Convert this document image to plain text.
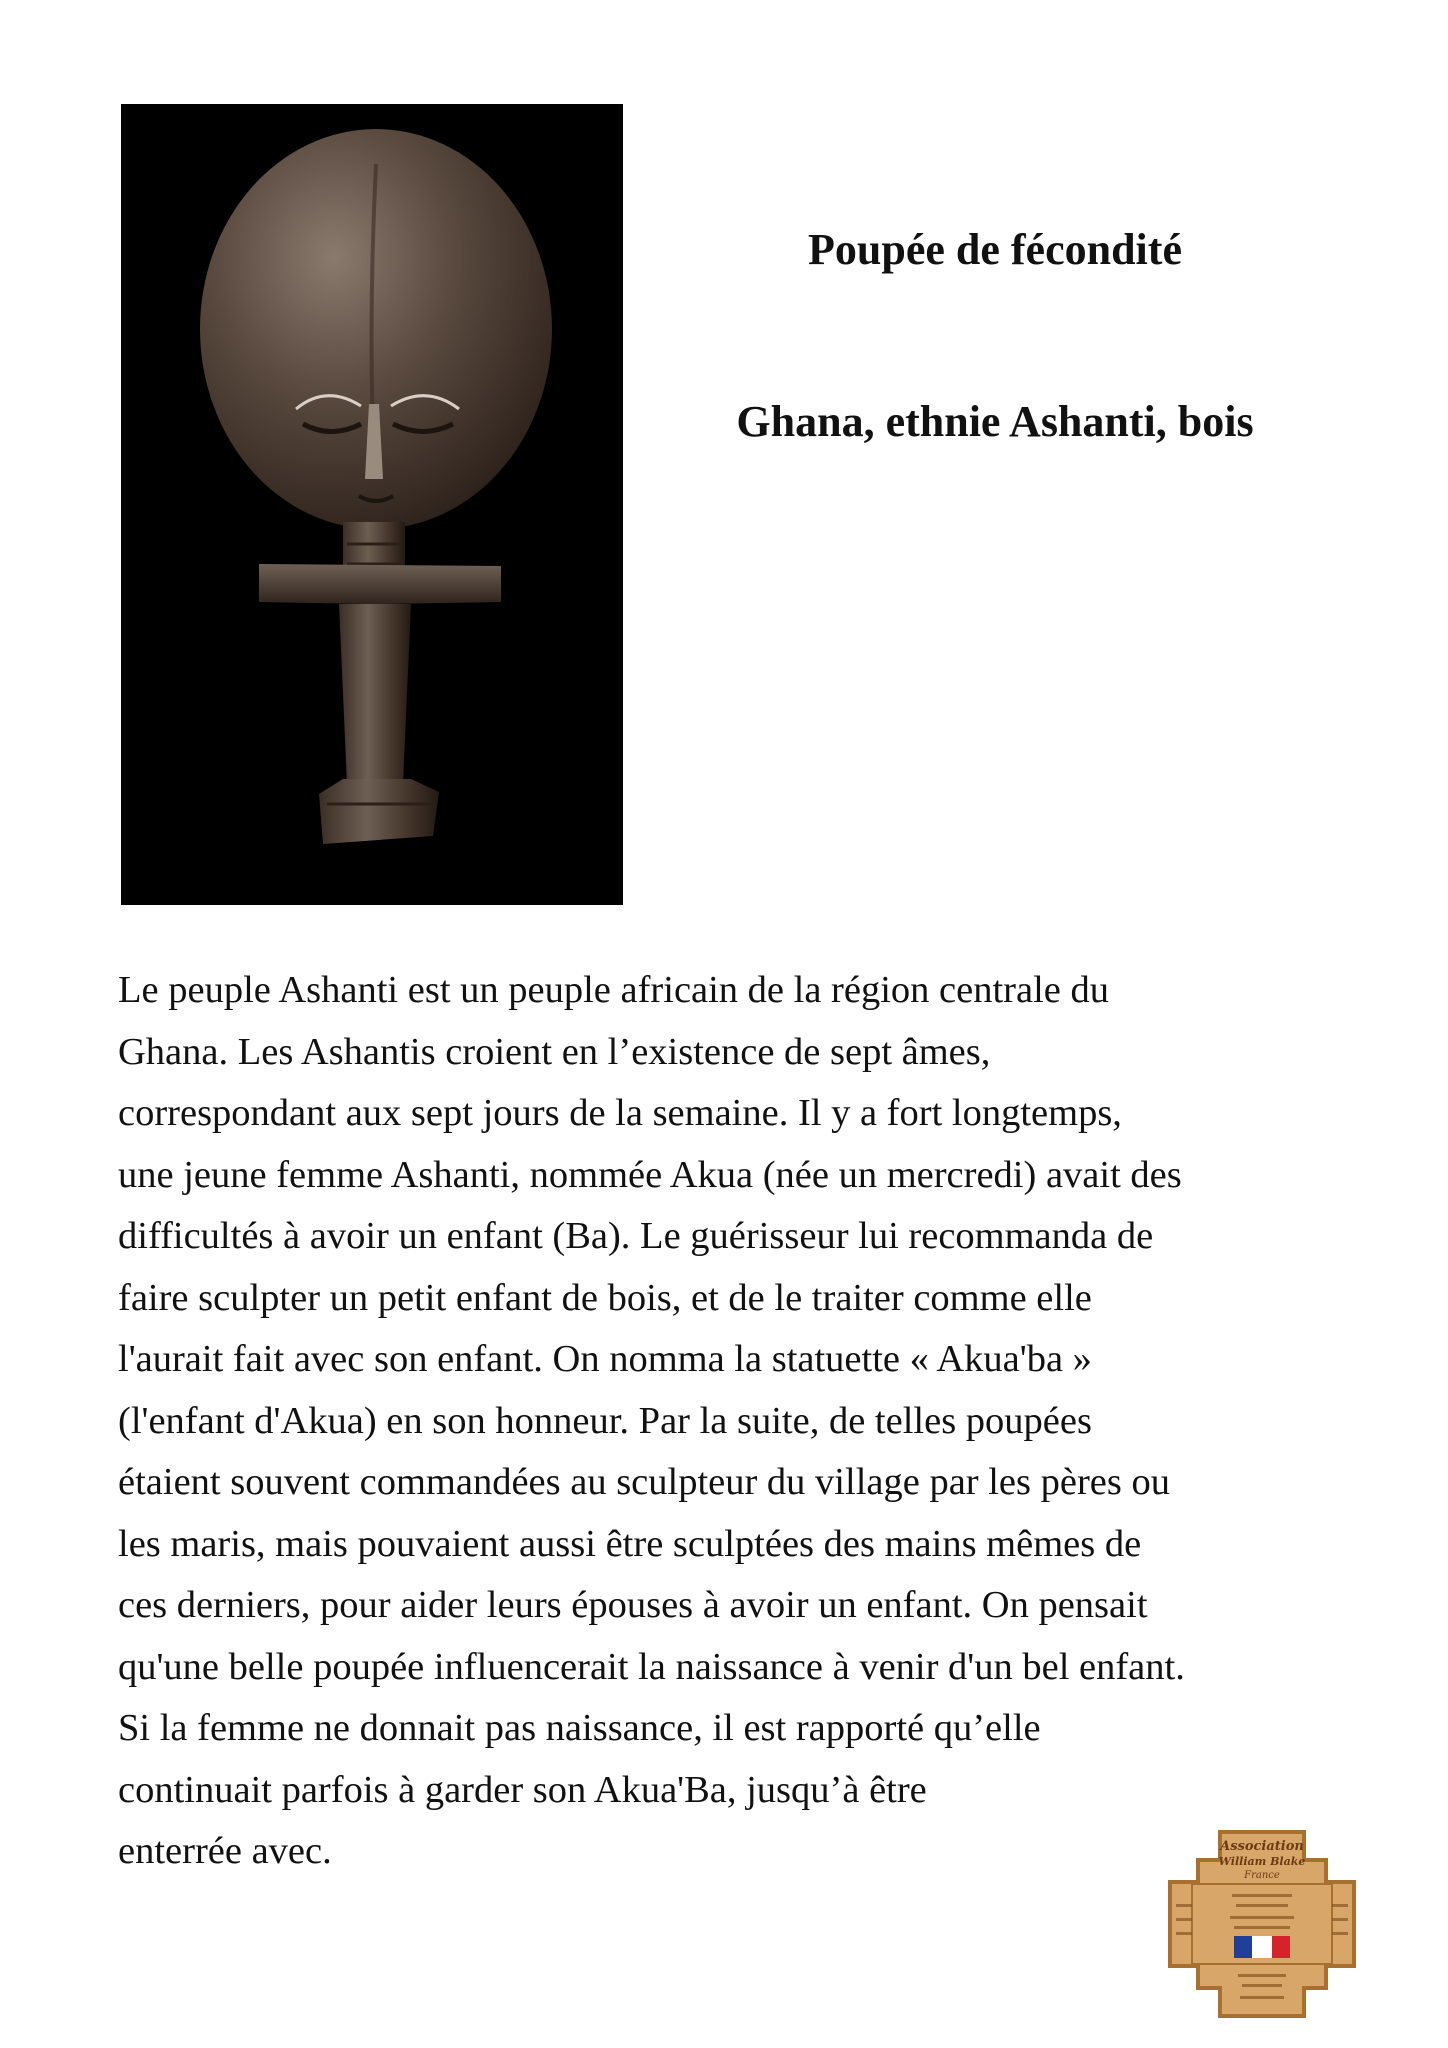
Poupée de fécondité
Ghana, ethnie Ashanti, bois

Le peuple Ashanti est un peuple africain de la région centrale du
Ghana. Les Ashantis croient en l’existence de sept âmes,
correspondant aux sept jours de la semaine. Il y a fort longtemps,
une jeune femme Ashanti, nommée Akua (née un mercredi) avait des
difficultés à avoir un enfant (Ba). Le guérisseur lui recommanda de
faire sculpter un petit enfant de bois, et de le traiter comme elle
l'aurait fait avec son enfant. On nomma la statuette « Akua'ba »
(l'enfant d'Akua) en son honneur. Par la suite, de telles poupées
étaient souvent commandées au sculpteur du village par les pères ou
les maris, mais pouvaient aussi être sculptées des mains mêmes de
ces derniers, pour aider leurs épouses à avoir un enfant. On pensait
qu'une belle poupée influencerait la naissance à venir d'un bel enfant.
Si la femme ne donnait pas naissance, il est rapporté qu’elle
continuait parfois à garder son Akua'Ba, jusqu’à être
enterrée avec.	Association
William Blake
France
